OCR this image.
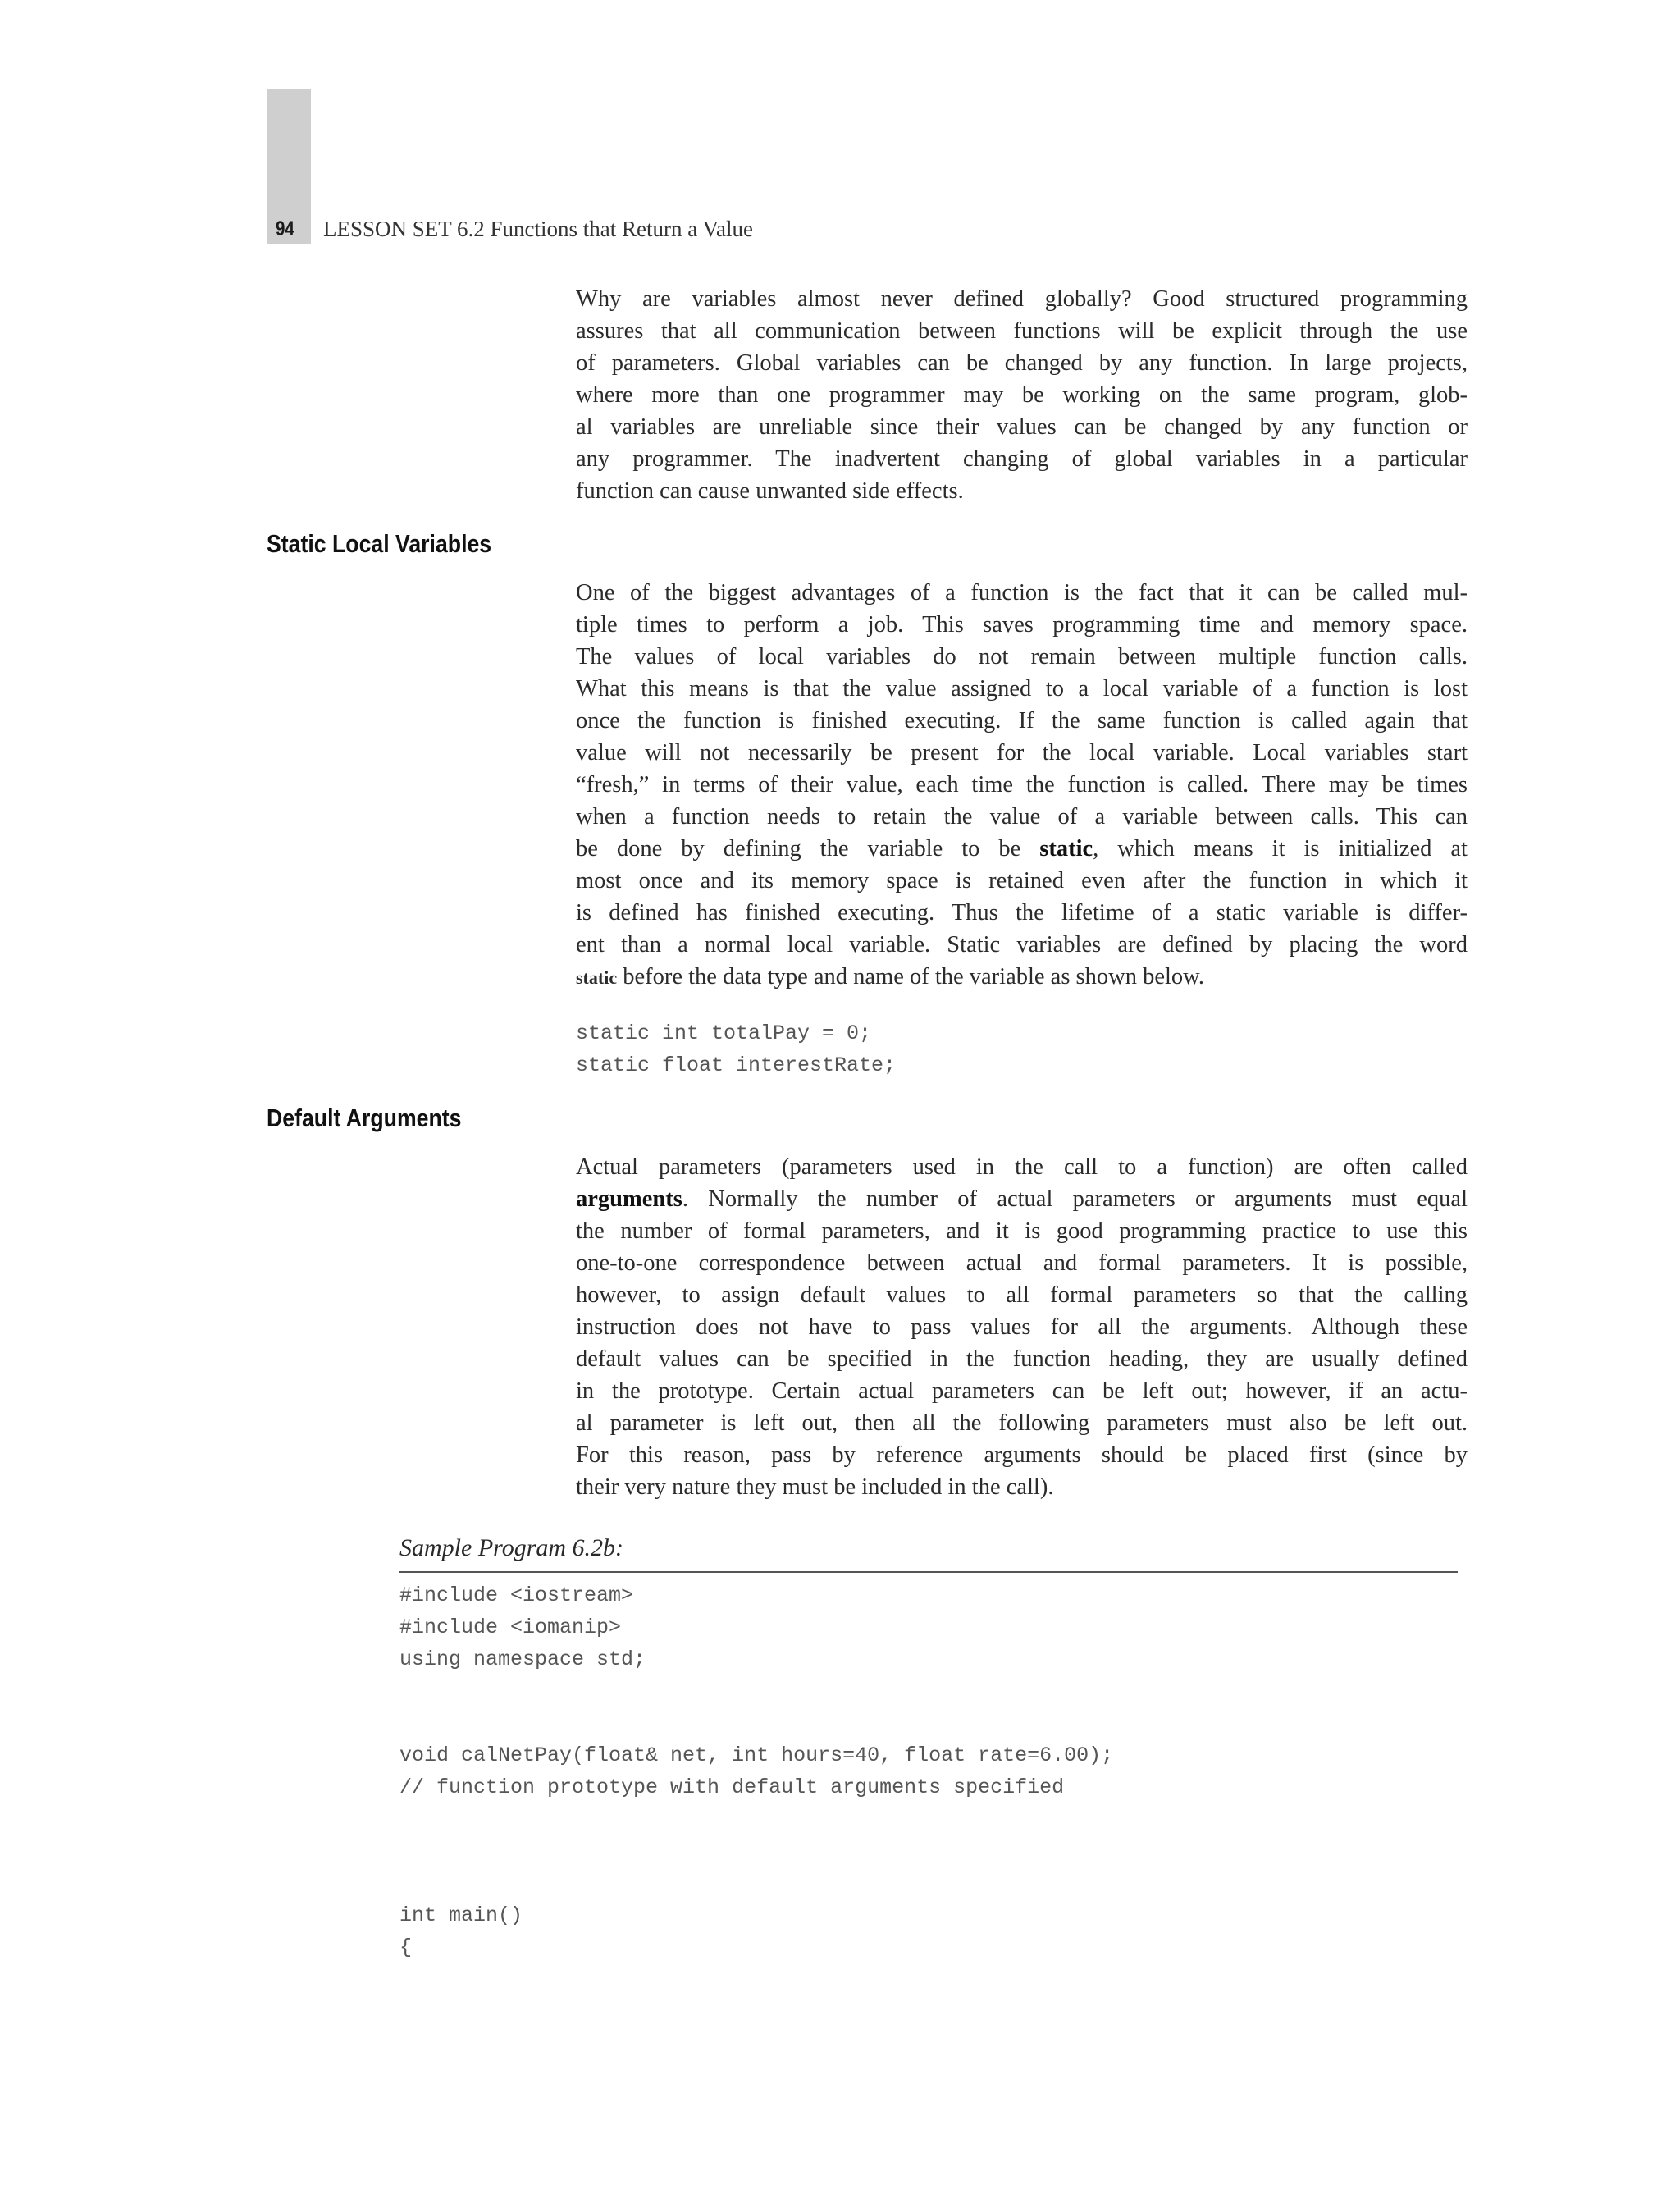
94 LESSON SET 6.2 Functions that Return a Value
Why are variables almost never defined globally? Good structured programming
assures that all communication between functions will be explicit through the use
of parameters. Global variables can be changed by any function. In large projects,
where more than one programmer may be working on the same program, glob-
al variables are unreliable since their values can be changed by any function or
any programmer. The inadvertent changing of global variables in a particular
function can cause unwanted side effects.
Static Local Variables
One of the biggest advantages of a function is the fact that it can be called mul-
tiple times to perform a job. This saves programming time and memory space.
The values of local variables do not remain between multiple function calls.
What this means is that the value assigned to a local variable of a function is lost
once the function is finished executing. If the same function is called again that
value will not necessarily be present for the local variable. Local variables start
“fresh,” in terms of their value, each time the function is called. There may be times
when a function needs to retain the value of a variable between calls. This can
be done by defining the variable to be static, which means it is initialized at
most once and its memory space is retained even after the function in which it
is defined has finished executing. Thus the lifetime of a static variable is differ-
ent than a normal local variable. Static variables are defined by placing the word
static before the data type and name of the variable as shown below.
static int totalPay = 0;
static float interestRate;
Default Arguments
Actual parameters (parameters used in the call to a function) are often called
arguments. Normally the number of actual parameters or arguments must equal
the number of formal parameters, and it is good programming practice to use this
one-to-one correspondence between actual and formal parameters. It is possible,
however, to assign default values to all formal parameters so that the calling
instruction does not have to pass values for all the arguments. Although these
default values can be specified in the function heading, they are usually defined
in the prototype. Certain actual parameters can be left out; however, if an actu-
al parameter is left out, then all the following parameters must also be left out.
For this reason, pass by reference arguments should be placed first (since by
their very nature they must be included in the call).
Sample Program 6.2b:
#include <iostream>
#include <iomanip>
using namespace std;

void calNetPay(float& net, int hours=40, float rate=6.00);
// function prototype with default arguments specified

int main()
{
